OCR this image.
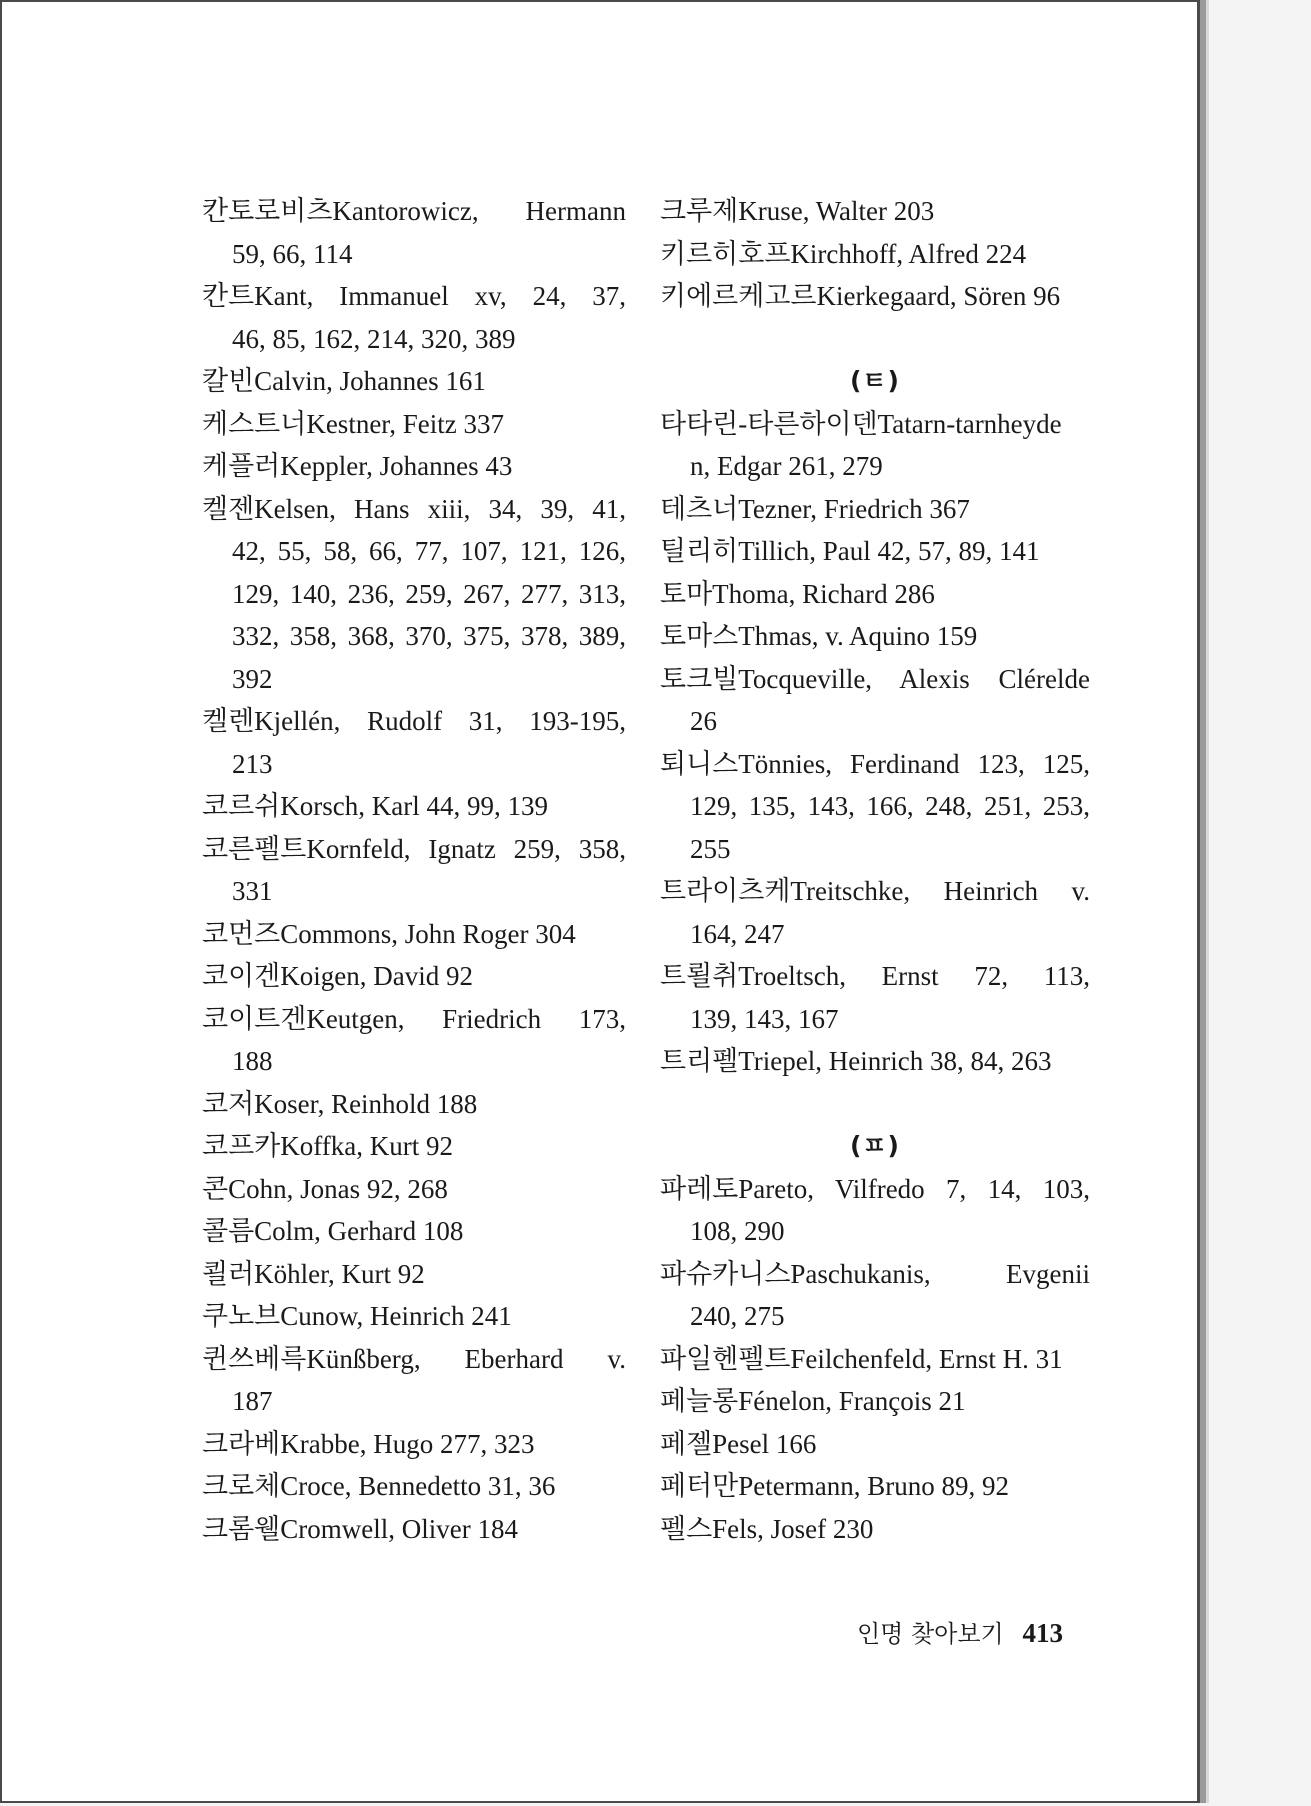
칸토로비츠Kantorowicz, Hermann
59, 66, 114
칸트Kant, Immanuel xv, 24, 37,
46, 85, 162, 214, 320, 389
칼빈Calvin, Johannes 161
케스트너Kestner, Feitz 337
케플러Keppler, Johannes 43
켈젠Kelsen, Hans xiii, 34, 39, 41,
42, 55, 58, 66, 77, 107, 121, 126,
129, 140, 236, 259, 267, 277, 313,
332, 358, 368, 370, 375, 378, 389,
392
켈렌Kjellén, Rudolf 31, 193-195,
213
코르쉬Korsch, Karl 44, 99, 139
코른펠트Kornfeld, Ignatz 259, 358,
331
코먼즈Commons, John Roger 304
코이겐Koigen, David 92
코이트겐Keutgen, Friedrich 173,
188
코저Koser, Reinhold 188
코프카Koffka, Kurt 92
콘Cohn, Jonas 92, 268
콜름Colm, Gerhard 108
쾰러Köhler, Kurt 92
쿠노브Cunow, Heinrich 241
퀸쓰베륵Künßberg, Eberhard v.
187
크라베Krabbe, Hugo 277, 323
크로체Croce, Bennedetto 31, 36
크롬웰Cromwell, Oliver 184
크루제Kruse, Walter 203
키르히호프Kirchhoff, Alfred 224
키에르케고르Kierkegaard, Sören 96
(ㅌ)
타타린-타른하이덴Tatarn-tarnheyde
n, Edgar 261, 279
테츠너Tezner, Friedrich 367
틸리히Tillich, Paul 42, 57, 89, 141
토마Thoma, Richard 286
토마스Thmas, v. Aquino 159
토크빌Tocqueville, Alexis Clérelde
26
퇴니스Tönnies, Ferdinand 123, 125,
129, 135, 143, 166, 248, 251, 253,
255
트라이츠케Treitschke, Heinrich v.
164, 247
트뢸취Troeltsch, Ernst 72, 113,
139, 143, 167
트리펠Triepel, Heinrich 38, 84, 263
(ㅍ)
파레토Pareto, Vilfredo 7, 14, 103,
108, 290
파슈카니스Paschukanis, Evgenii
240, 275
파일헨펠트Feilchenfeld, Ernst H. 31
페늘롱Fénelon, François 21
페젤Pesel 166
페터만Petermann, Bruno 89, 92
펠스Fels, Josef 230
인명 찾아보기 413
